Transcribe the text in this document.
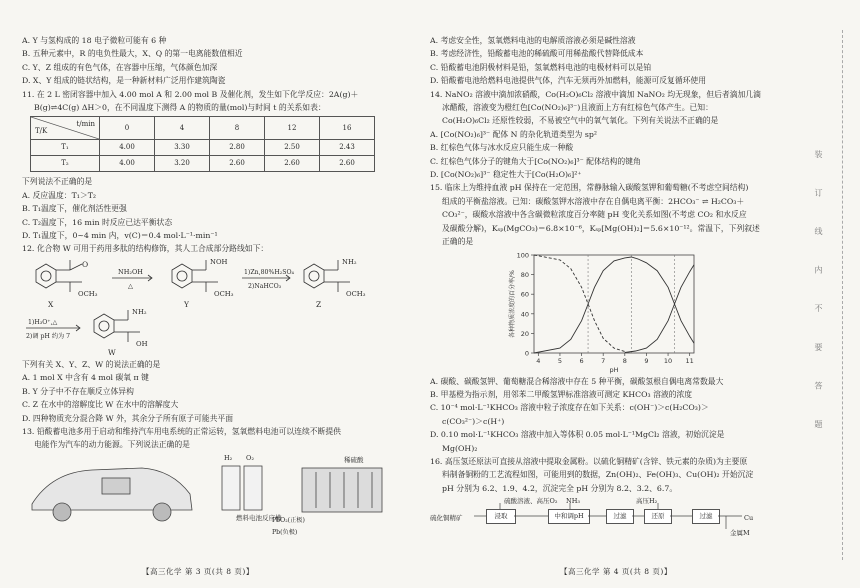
A. Y 与氢构成的 18 电子微粒可能有 6 种
B. 五种元素中，R 的电负性最大，X、Q 的第一电离能数值相近
C. Y、Z 组成的有色气体，在容器中压缩，气体颜色加深
D. X、Y 组成的链状结构，是一种新材料广泛用作建筑陶瓷
11. 在 2 L 密闭容器中加入 4.00 mol A 和 2.00 mol B 及催化剂，发生如下化学反应：2A(g)＋
B(g)⇌4C(g) ΔH＞0，在不同温度下测得 A 的物质的量(mol)与时间 t 的关系如表：
t/min
T/K	0	4	8	12	16
T₁	4.00	3.30	2.80	2.50	2.43
T₂	4.00	3.20	2.60	2.60	2.60
下列说法不正确的是
A. 反应温度：T₁＞T₂
B. T₁温度下，催化剂活性更强
C. T₂温度下，16 min 时反应已达平衡状态
D. T₁温度下，0~4 min 内，v(C)＝0.4 mol·L⁻¹·min⁻¹
12. 化合物 W 可用于药用多肽的结构修饰，其人工合成部分路线如下：
X	Y	Z
W
O
OCH₃
NOH
OCH₃
NH₂
OCH₃
NH₂
OH
NH₂OH
△
1)Zn,80%H₂SO₄
2)NaHCO₃
1)H₃O⁺,△
2)调 pH 约为 7
下列有关 X、Y、Z、W 的说法正确的是
A. 1 mol X 中含有 4 mol 碳氧 π 键
B. Y 分子中不存在顺反立体异构
C. Z 在水中的溶解度比 W 在水中的溶解度大
D. 四种物质充分混合降 W 外，其余分子所有原子可能共平面
13. 铅酸蓄电池多用于启动和维持汽车用电系统的正常运转，氢氧燃料电池可以连续不断提供
电能作为汽车的动力能源。下列说法正确的是
H₂ O₂
燃料电池反应槽
稀硫酸
PbO₂(正极)
Pb(负极)
A. 考虑安全性，氢氧燃料电池的电解质溶液必须是碱性溶液
B. 考虑经济性，铅酸蓄电池的稀硫酸可用稀盐酸代替降低成本
C. 铅酸蓄电池阴极材料是铅，氢氧燃料电池的电极材料可以是铂
D. 铅酸蓄电池给燃料电池提供气体，汽车无须再外加燃料，能源可反复循环使用
14. NaNO₂ 溶液中滴加浓硝酸，Co(H₂O)₆Cl₂ 溶液中滴加 NaNO₂ 均无现象，但后者滴加几滴
冰醋酸，溶液变为橙红色[Co(NO₂)₆]³⁻)且液面上方有红棕色气体产生。已知：
Co(H₂O)₆Cl₂ 还原性较弱，不易被空气中的氧气氧化。下列有关说法不正确的是
A. [Co(NO₂)₆]³⁻ 配体 N 的杂化轨道类型为 sp²
B. 红棕色气体与冰水反应只能生成一种酸
C. 红棕色气体分子的键角大于[Co(NO₂)₆]³⁻ 配体结构的键角
D. [Co(NO₂)₆]³⁻ 稳定性大于[Co(H₂O)₆]²⁺
15. 临床上为维持血液 pH 保持在一定范围，常静脉输入碳酸氢钾和葡萄糖(不考虑空间结构)
组成的平衡盐溶液。已知：碳酸氢钾水溶液中存在自偶电离平衡：2HCO₃⁻ ⇌ H₂CO₃＋
CO₃²⁻，碳酸水溶液中各含碳微粒浓度百分率随 pH 变化关系如图(不考虑 CO₂ 和水反应
及碳酸分解)，Kₛₚ(MgCO₃)＝6.8×10⁻⁶，Kₛₚ[Mg(OH)₂]＝5.6×10⁻¹²。常温下，下列叙述
正确的是
0
20
40
60
80
100
4	5	6	7	8	9 10 11
各种物质浓度的百分率/%
pH
A. 碳酸、碳酸氢钾、葡萄糖混合稀溶液中存在 5 种平衡，碳酸氢根自偶电离常数最大
B. 甲基橙为指示剂，用邻苯二甲酸氢钾标准溶液可测定 KHCO₃ 溶液的浓度
C. 10⁻⁴ mol·L⁻¹KHCO₃ 溶液中粒子浓度存在如下关系：c(OH⁻)＞c(H₂CO₃)＞
c(CO₃²⁻)＞c(H⁺)
D. 0.10 mol·L⁻¹KHCO₃ 溶液中加入等体积 0.05 mol·L⁻¹MgCl₂ 溶液，初始沉淀是
Mg(OH)₂
16. 高压氢还原法可直接从溶液中提取金属粉。以硫化铜精矿(含锌、铁元素的杂质)为主要原
料制备铜粉的工艺流程如图，可能用到的数据，Zn(OH)₂、Fe(OH)₃、Cu(OH)₂ 开始沉淀
pH 分别为 6.2、1.9、4.2，沉淀完全 pH 分别为 8.2、3.2、6.7。
硫酸溶液、高压O₂ NH₃	高压H₂
硫化铜精矿	浸取	中和调pH	过滤	还原	过滤	Cu
金属M
【高三化学 第 3 页(共 8 页)】	【高三化学 第 4 页(共 8 页)】
装 订 线 内 不 要 答 题
